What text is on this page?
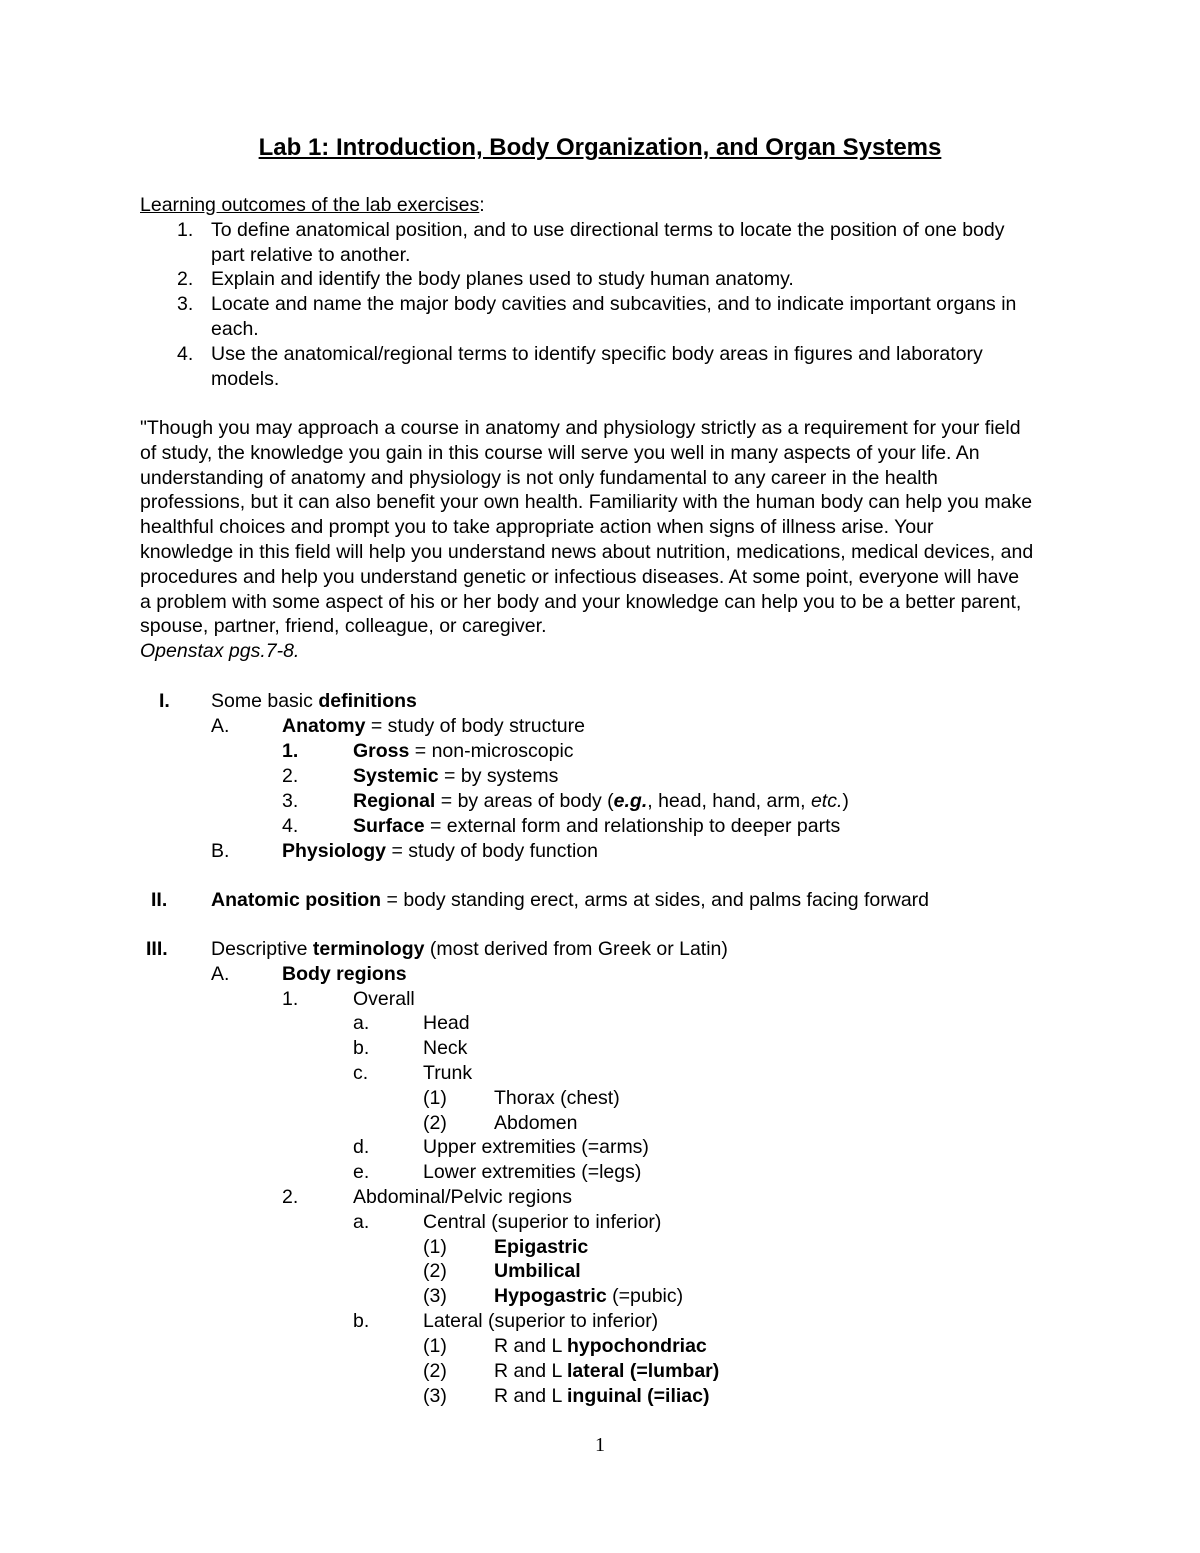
Lab 1: Introduction, Body Organization, and Organ Systems
Learning outcomes of the lab exercises:
1. To define anatomical position, and to use directional terms to locate the position of one body
part relative to another.
2. Explain and identify the body planes used to study human anatomy.
3. Locate and name the major body cavities and subcavities, and to indicate important organs in
each.
4. Use the anatomical/regional terms to identify specific body areas in figures and laboratory
models.
"Though you may approach a course in anatomy and physiology strictly as a requirement for your field
of study, the knowledge you gain in this course will serve you well in many aspects of your life. An
understanding of anatomy and physiology is not only fundamental to any career in the health
professions, but it can also benefit your own health. Familiarity with the human body can help you make
healthful choices and prompt you to take appropriate action when signs of illness arise. Your
knowledge in this field will help you understand news about nutrition, medications, medical devices, and
procedures and help you understand genetic or infectious diseases. At some point, everyone will have
a problem with some aspect of his or her body and your knowledge can help you to be a better parent,
spouse, partner, friend, colleague, or caregiver.
Openstax pgs.7-8.
I. Some basic definitions
A.	Anatomy = study of body structure
1.	Gross = non-microscopic
2.	Systemic = by systems
3.	Regional = by areas of body (e.g., head, hand, arm, etc.)
4.	Surface = external form and relationship to deeper parts
B.	Physiology = study of body function
II. Anatomic position = body standing erect, arms at sides, and palms facing forward
III. Descriptive terminology (most derived from Greek or Latin)
A.	Body regions
1.	Overall
a.	Head
b.	Neck
c.	Trunk
(1) Thorax (chest)
(2) Abdomen
d.	Upper extremities (=arms)
e.	Lower extremities (=legs)
2.	Abdominal/Pelvic regions
a.	Central (superior to inferior)
(1) Epigastric
(2) Umbilical
(3) Hypogastric (=pubic)
b.	Lateral (superior to inferior)
(1) R and L hypochondriac
(2) R and L lateral (=lumbar)
(3) R and L inguinal (=iliac)
1
